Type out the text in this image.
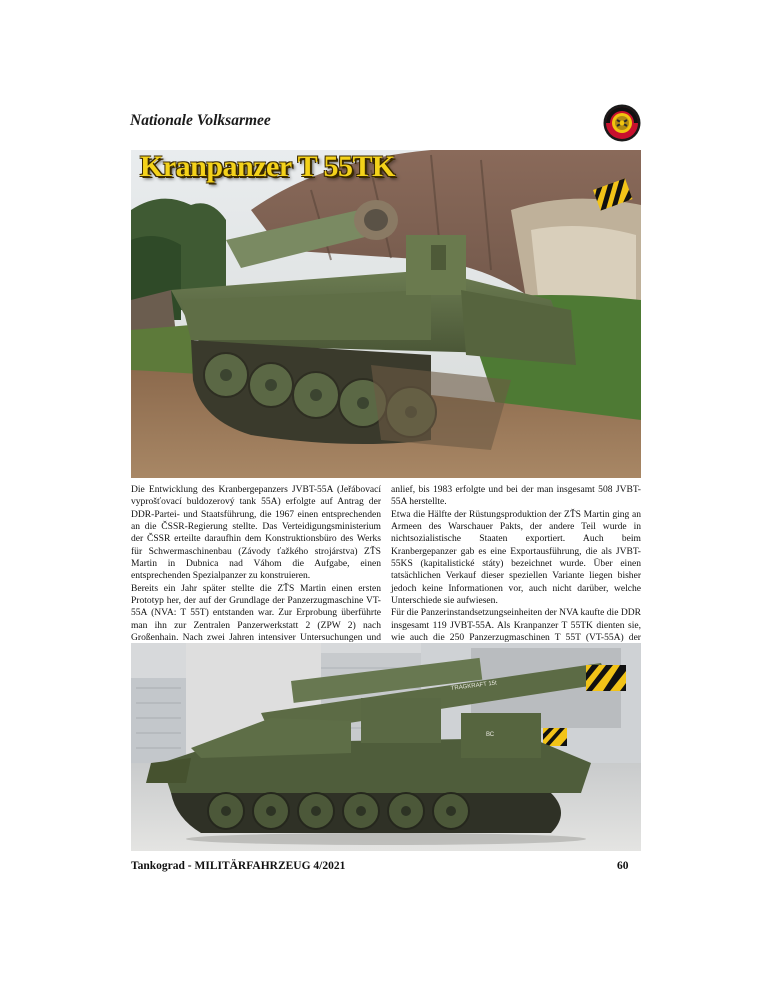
Nationale Volksarmee
Kranpanzer T 55TK

Die Entwicklung des Kranbergepanzers JVBT-55A (Jeřábovací vyprošťovací buldozerový tank 55A) erfolgte auf Antrag der DDR-Partei- und Staatsführung, die 1967 einen entsprechenden an die ČSSR-Regierung stellte. Das Verteidigungsministerium der ČSSR erteilte daraufhin dem Konstruktionsbüro des Werks für Schwermaschinenbau (Závody ťažkého strojárstva) ZŤS Martin in Dubnica nad Váhom die Aufgabe, einen entsprechenden Spezialpanzer zu konstruieren.

Bereits ein Jahr später stellte die ZŤS Martin einen ersten Prototyp her, der auf der Grundlage der Panzerzugmaschine VT-55A (NVA: T 55T) entstanden war. Zur Erprobung überführte man ihn zur Zentralen Panzerwerkstatt 2 (ZPW 2) nach Großenhain. Nach zwei Jahren intensiver Untersuchungen und

anlief, bis 1983 erfolgte und bei der man insgesamt 508 JVBT-55A herstellte.

Etwa die Hälfte der Rüstungsproduktion der ZŤS Martin ging an Armeen des Warschauer Pakts, der andere Teil wurde in nichtsozialistische Staaten exportiert. Auch beim Kranbergepanzer gab es eine Exportausführung, die als JVBT-55KS (kapitalistické státy) bezeichnet wurde. Über einen tatsächlichen Verkauf dieser speziellen Variante liegen bisher jedoch keine Informationen vor, auch nicht darüber, welche Unterschiede sie aufwiesen.

Für die Panzerinstandsetzungseinheiten der NVA kaufte die DDR insgesamt 119 JVBT-55A. Als Kranpanzer T 55TK dienten sie, wie auch die 250 Panzerzugmaschinen T 55T (VT-55A) der

TRAGKRAFT 15t
ВС
Tankograd - MILITÄRFAHRZEUG 4/2021	60
